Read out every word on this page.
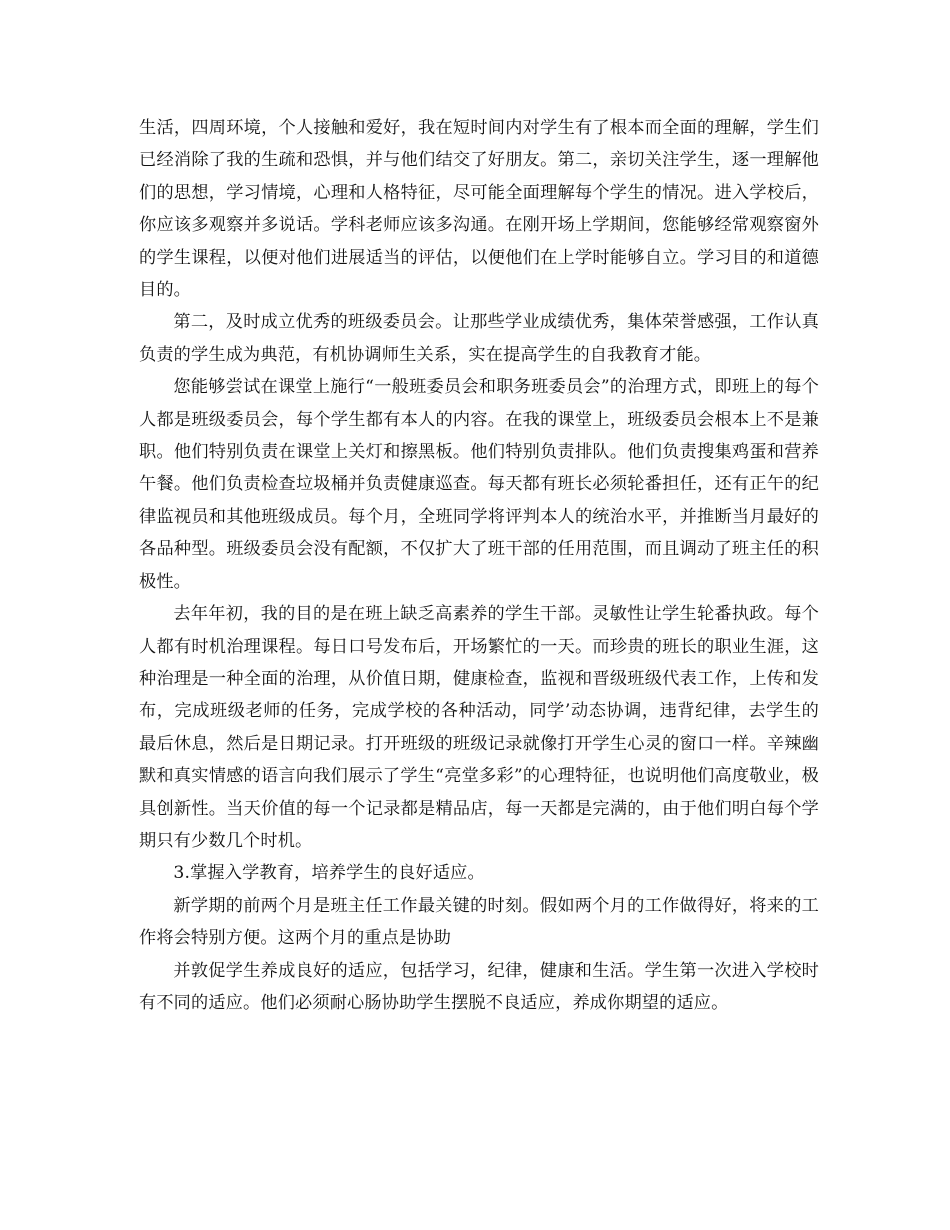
生活，四周环境，个人接触和爱好，我在短时间内对学生有了根本而全面的理解，学生们已经消除了我的生疏和恐惧，并与他们结交了好朋友。第二，亲切关注学生，逐一理解他们的思想，学习情境，心理和人格特征，尽可能全面理解每个学生的情况。进入学校后，你应该多观察并多说话。学科老师应该多沟通。在刚开场上学期间，您能够经常观察窗外的学生课程，以便对他们进展适当的评估，以便他们在上学时能够自立。学习目的和道德目的。

第二，及时成立优秀的班级委员会。让那些学业成绩优秀，集体荣誉感强，工作认真负责的学生成为典范，有机协调师生关系，实在提高学生的自我教育才能。

您能够尝试在课堂上施行“一般班委员会和职务班委员会”的治理方式，即班上的每个人都是班级委员会，每个学生都有本人的内容。在我的课堂上，班级委员会根本上不是兼职。他们特别负责在课堂上关灯和擦黑板。他们特别负责排队。他们负责搜集鸡蛋和营养午餐。他们负责检查垃圾桶并负责健康巡查。每天都有班长必须轮番担任，还有正午的纪律监视员和其他班级成员。每个月，全班同学将评判本人的统治水平，并推断当月最好的各品种型。班级委员会没有配额，不仅扩大了班干部的任用范围，而且调动了班主任的积极性。

去年年初，我的目的是在班上缺乏高素养的学生干部。灵敏性让学生轮番执政。每个人都有时机治理课程。每日口号发布后，开场繁忙的一天。而珍贵的班长的职业生涯，这种治理是一种全面的治理，从价值日期，健康检查，监视和晋级班级代表工作，上传和发布，完成班级老师的任务，完成学校的各种活动，同学’动态协调，违背纪律，去学生的最后休息，然后是日期记录。打开班级的班级记录就像打开学生心灵的窗口一样。辛辣幽默和真实情感的语言向我们展示了学生“亮堂多彩”的心理特征，也说明他们高度敬业，极具创新性。当天价值的每一个记录都是精品店，每一天都是完满的，由于他们明白每个学期只有少数几个时机。

3.掌握入学教育，培养学生的良好适应。

新学期的前两个月是班主任工作最关键的时刻。假如两个月的工作做得好，将来的工作将会特别方便。这两个月的重点是协助

并敦促学生养成良好的适应，包括学习，纪律，健康和生活。学生第一次进入学校时有不同的适应。他们必须耐心肠协助学生摆脱不良适应，养成你期望的适应。
